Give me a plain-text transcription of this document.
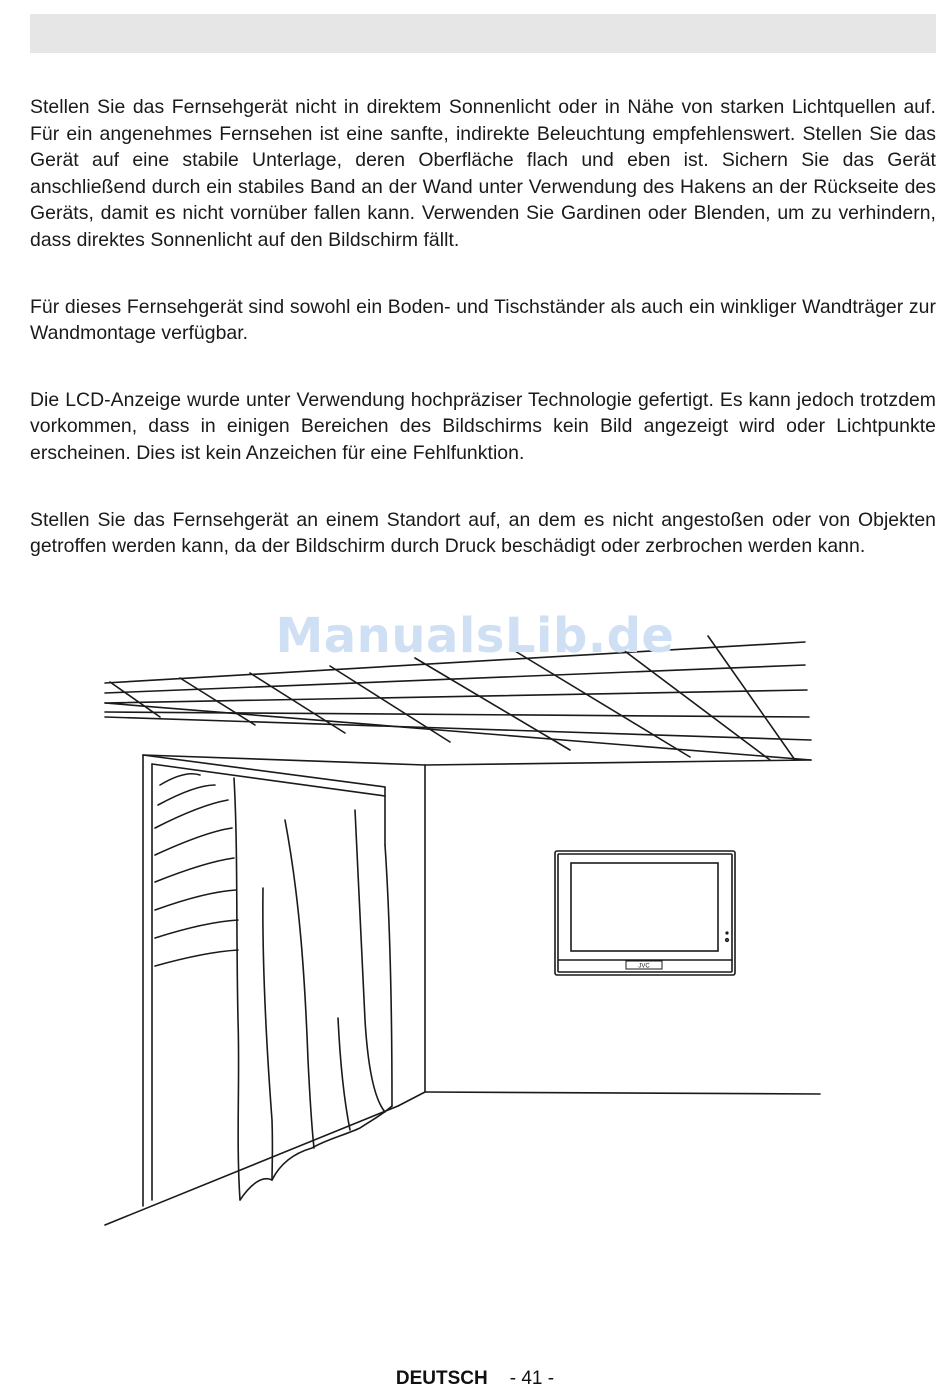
Stellen Sie das Fernsehgerät nicht in direktem Sonnenlicht oder in Nähe von starken Lichtquellen auf. Für ein angenehmes Fernsehen ist eine sanfte, indirekte Beleuchtung empfehlenswert. Stellen Sie das Gerät auf eine stabile Unterlage, deren Oberfläche flach und eben ist. Sichern Sie das Gerät anschließend durch ein stabiles Band an der Wand unter Verwendung des Hakens an der Rückseite des Geräts, damit es nicht vornüber fallen kann. Verwenden Sie Gardinen oder Blenden, um zu verhindern, dass direktes Sonnenlicht auf den Bildschirm fällt.

Für dieses Fernsehgerät sind sowohl ein Boden- und Tischständer als auch ein winkliger Wandträger zur Wandmontage verfügbar.

Die LCD-Anzeige wurde unter Verwendung hochpräziser Technologie gefertigt. Es kann jedoch trotzdem vorkommen, dass in einigen Bereichen des Bildschirms kein Bild angezeigt wird oder Lichtpunkte erscheinen. Dies ist kein Anzeichen für eine Fehlfunktion.

Stellen Sie das Fernsehgerät an einem Standort auf, an dem es nicht angestoßen oder von Objekten getroffen werden kann, da der Bildschirm durch Druck beschädigt oder zerbrochen werden kann.

JVC
ManualsLib.de
DEUTSCH - 41 -
